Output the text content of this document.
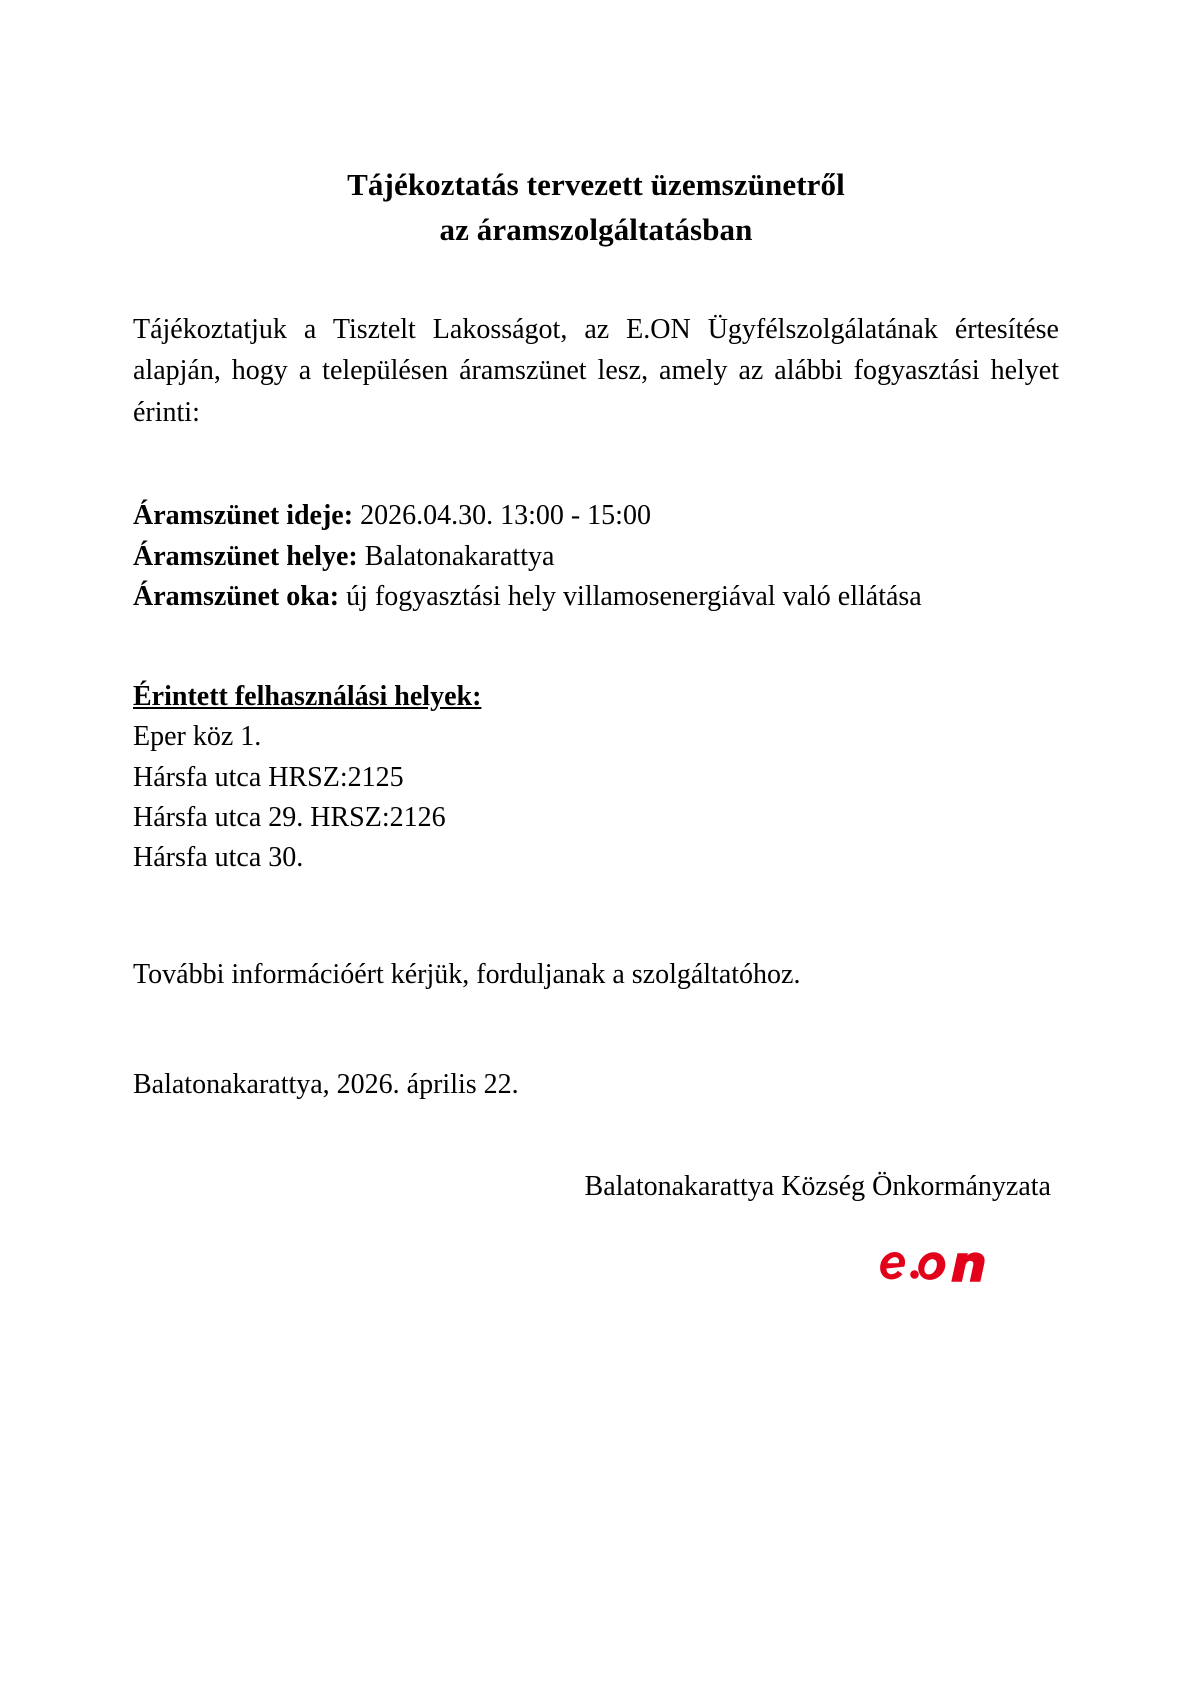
Tájékoztatás tervezett üzemszünetről
az áramszolgáltatásban

Tájékoztatjuk a Tisztelt Lakosságot, az E.ON Ügyfélszolgálatának értesítése alapján, hogy a településen áramszünet lesz, amely az alábbi fogyasztási helyet érinti:

Áramszünet ideje: 2026.04.30. 13:00 - 15:00
Áramszünet helye: Balatonakarattya
Áramszünet oka: új fogyasztási hely villamosenergiával való ellátása
Érintett felhasználási helyek:
Eper köz 1.
Hársfa utca HRSZ:2125
Hársfa utca 29. HRSZ:2126
Hársfa utca 30.

További információért kérjük, forduljanak a szolgáltatóhoz.

Balatonakarattya, 2026. április 22.

Balatonakarattya Község Önkormányzata
